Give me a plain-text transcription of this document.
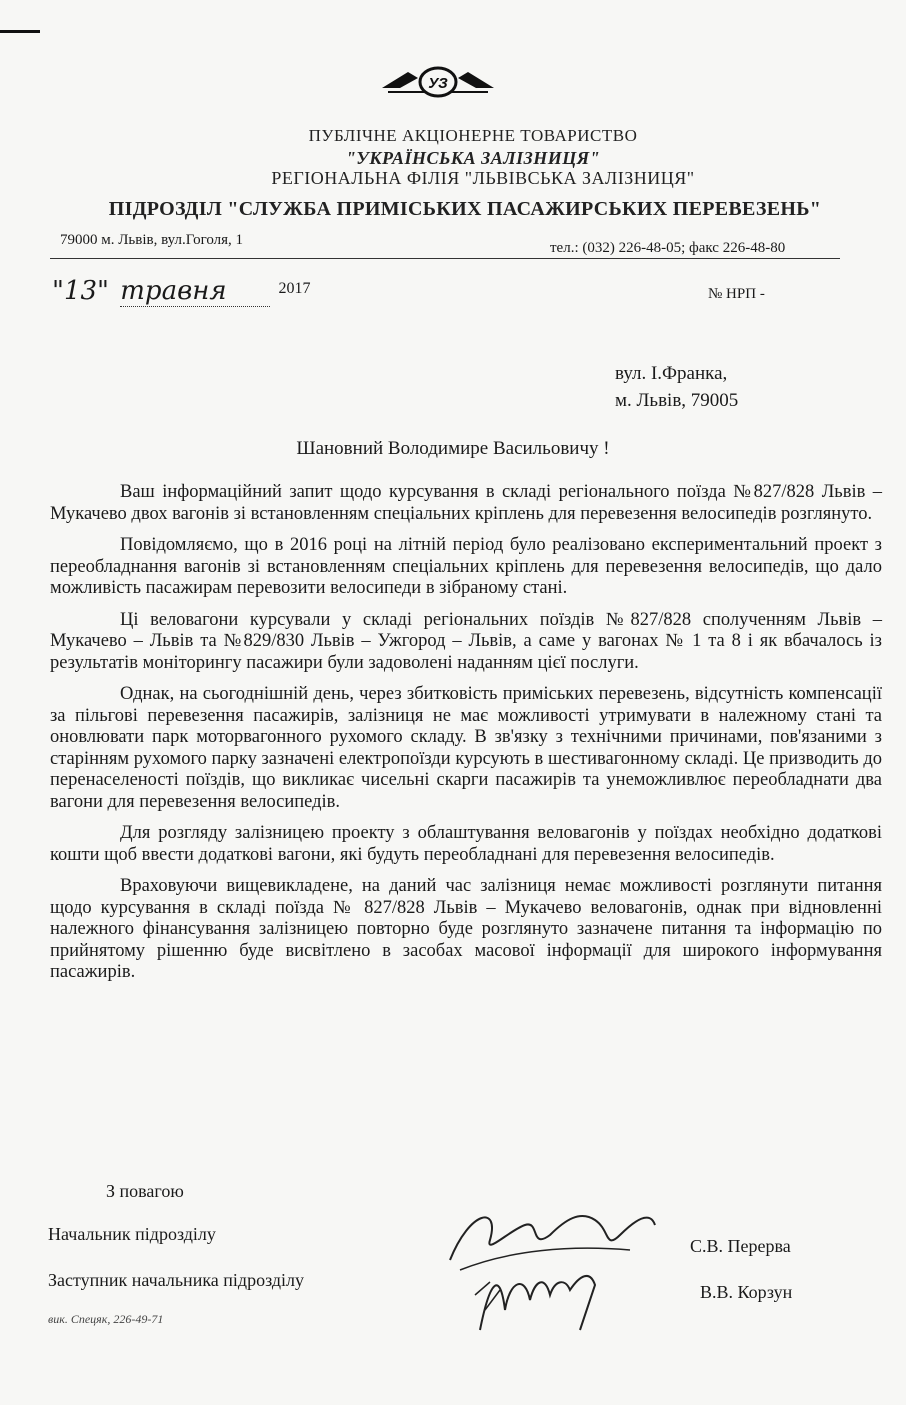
УЗ
ПУБЛІЧНЕ АКЦІОНЕРНЕ ТОВАРИСТВО
"УКРАЇНСЬКА ЗАЛІЗНИЦЯ"
РЕГІОНАЛЬНА ФІЛІЯ "ЛЬВІВСЬКА ЗАЛІЗНИЦЯ"
ПІДРОЗДІЛ "СЛУЖБА ПРИМІСЬКИХ ПАСАЖИРСЬКИХ ПЕРЕВЕЗЕНЬ"
79000 м. Львів, вул.Гоголя, 1	тел.: (032) 226-48-05; факс 226-48-80
"13" травня	$^{2017}$	№ НРП -
вул. І.Франка,
м. Львів, 79005
Шановний Володимире Васильовичу !

Ваш інформаційний запит щодо курсування в складі регіонального поїзда №827/828 Львів – Мукачево двох вагонів зі встановленням спеціальних кріплень для перевезення велосипедів розглянуто.

Повідомляємо, що в 2016 році на літній період було реалізовано експериментальний проект з переобладнання вагонів зі встановленням спеціальних кріплень для перевезення велосипедів, що дало можливість пасажирам перевозити велосипеди в зібраному стані.

Ці веловагони курсували у складі регіональних поїздів №827/828 сполученням Львів – Мукачево – Львів та №829/830 Львів – Ужгород – Львів, а саме у вагонах № 1 та 8 і як вбачалось із результатів моніторингу пасажири були задоволені наданням цієї послуги.

Однак, на сьогоднішній день, через збитковість приміських перевезень, відсутність компенсації за пільгові перевезення пасажирів, залізниця не має можливості утримувати в належному стані та оновлювати парк моторвагонного рухомого складу. В зв'язку з технічними причинами, пов'язаними з старінням рухомого парку зазначені електропоїзди курсують в шестивагонному складі. Це призводить до перенаселеності поїздів, що викликає чисельні скарги пасажирів та унеможливлює переобладнати два вагони для перевезення велосипедів.

Для розгляду залізницею проекту з облаштування веловагонів у поїздах необхідно додаткові кошти щоб ввести додаткові вагони, які будуть переобладнані для перевезення велосипедів.

Враховуючи вищевикладене, на даний час залізниця немає можливості розглянути питання щодо курсування в складі поїзда № 827/828 Львів – Мукачево веловагонів, однак при відновленні належного фінансування залізницею повторно буде розглянуто зазначене питання та інформацію по прийнятому рішенню буде висвітлено в засобах масової інформації для широкого інформування пасажирів.

З повагою
Начальник підрозділу
Заступник начальника підрозділу
С.В. Перерва
В.В. Корзун
вик. Спецяк, 226-49-71
